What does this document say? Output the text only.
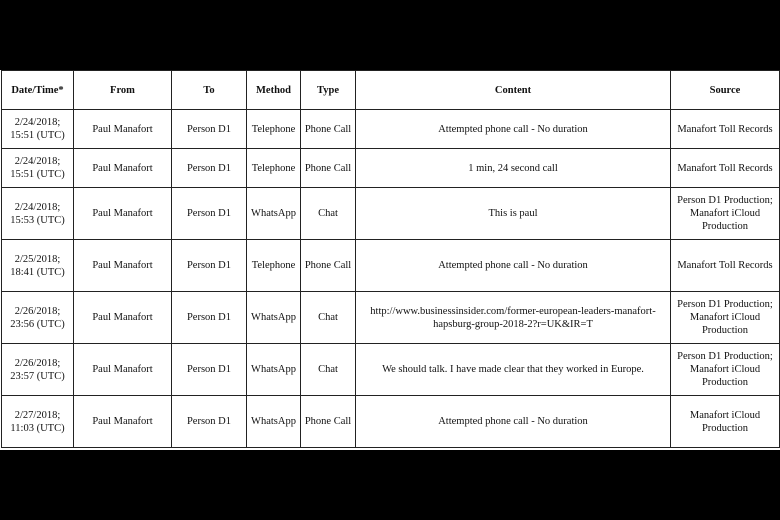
Date/Time*	From	To	Method	Type	Content	Source
2/24/2018;
15:51 (UTC)	Paul Manafort	Person D1	Telephone	Phone Call	Attempted phone call - No duration	Manafort Toll Records
2/24/2018;
15:51 (UTC)	Paul Manafort	Person D1	Telephone	Phone Call	1 min, 24 second call	Manafort Toll Records
2/24/2018;
15:53 (UTC)	Paul Manafort	Person D1	WhatsApp	Chat	This is paul	Person D1 Production; Manafort iCloud Production
2/25/2018;
18:41 (UTC)	Paul Manafort	Person D1	Telephone	Phone Call	Attempted phone call - No duration	Manafort Toll Records
2/26/2018;
23:56 (UTC)	Paul Manafort	Person D1	WhatsApp	Chat	http://www.businessinsider.com/former-european-leaders-manafort-hapsburg-group-2018-2?r=UK&IR=T	Person D1 Production; Manafort iCloud Production
2/26/2018;
23:57 (UTC)	Paul Manafort	Person D1	WhatsApp	Chat	We should talk. I have made clear that they worked in Europe.	Person D1 Production; Manafort iCloud Production
2/27/2018;
11:03 (UTC)	Paul Manafort	Person D1	WhatsApp	Phone Call	Attempted phone call - No duration	Manafort iCloud Production
